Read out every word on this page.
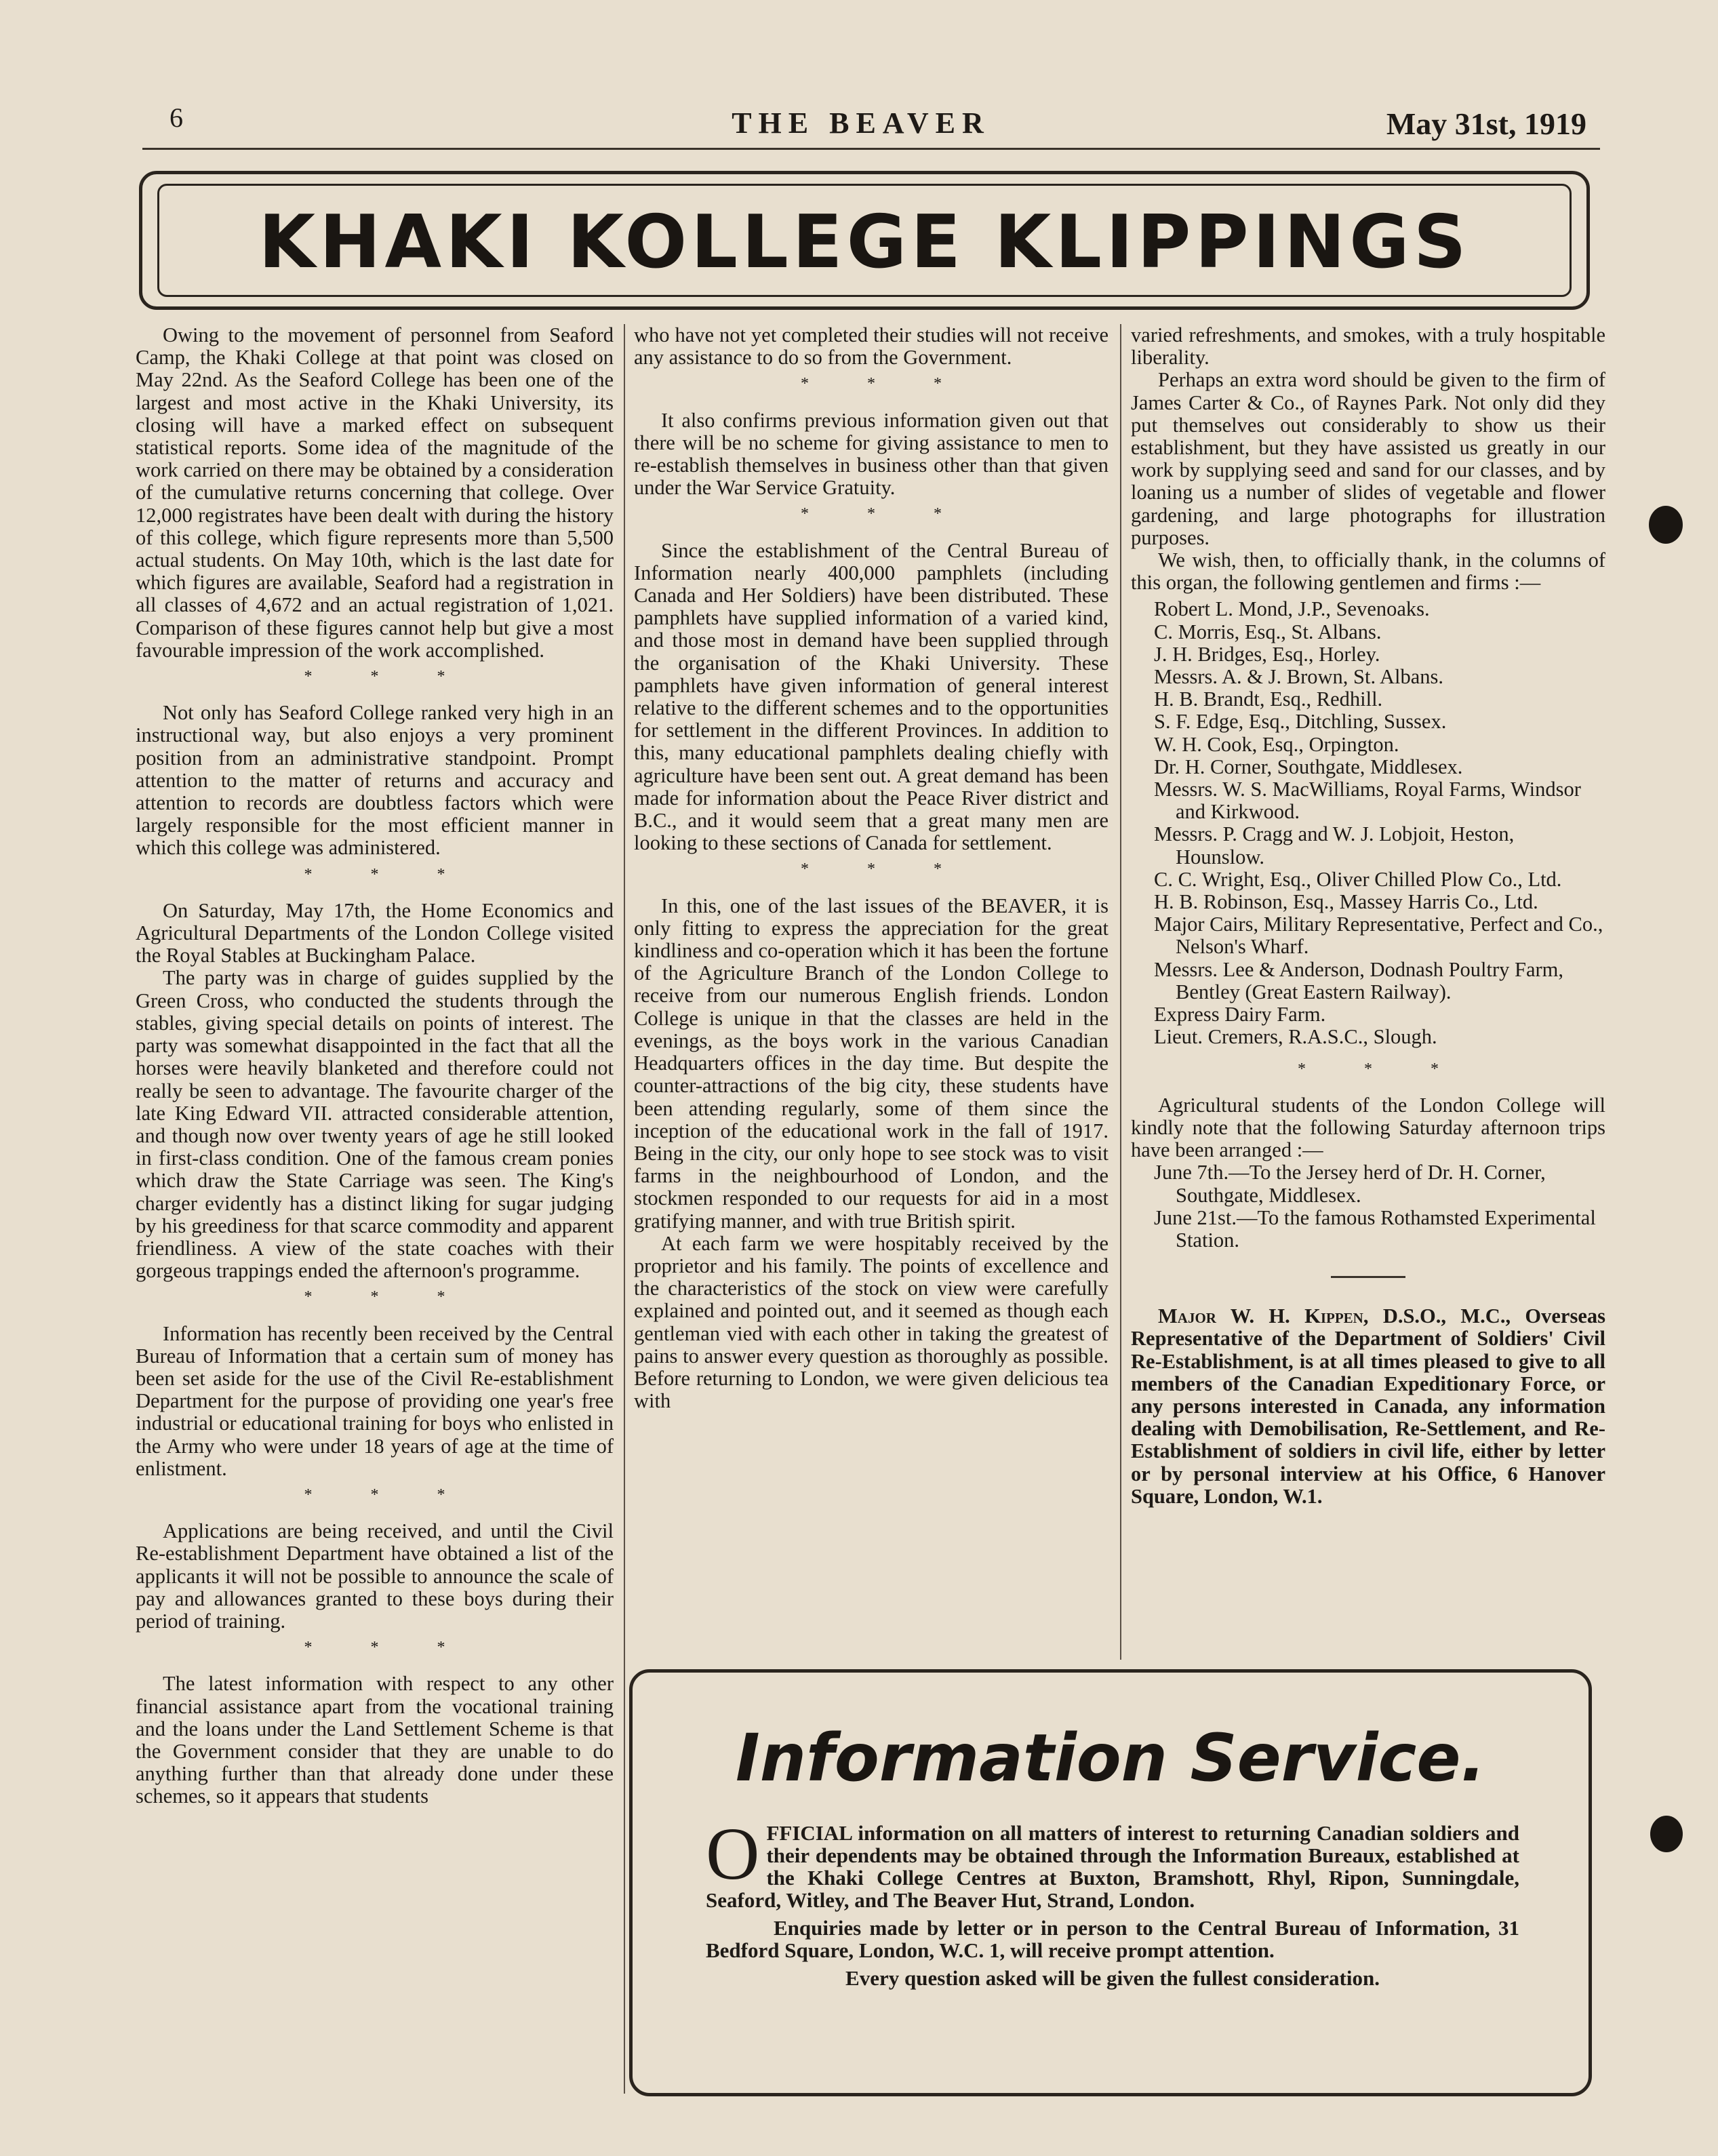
6	THE BEAVER	May 31st, 1919
KHAKI KOLLEGE KLIPPINGS

Owing to the movement of personnel from Seaford Camp, the Khaki College at that point was closed on May 22nd. As the Seaford College has been one of the largest and most active in the Khaki University, its closing will have a marked effect on subsequent statistical reports. Some idea of the magnitude of the work carried on there may be obtained by a consideration of the cumulative returns concerning that college. Over 12,000 registrates have been dealt with during the history of this college, which figure represents more than 5,500 actual students. On May 10th, which is the last date for which figures are available, Seaford had a registration in all classes of 4,672 and an actual registration of 1,021. Comparison of these figures cannot help but give a most favourable impression of the work accomplished.

* * *

Not only has Seaford College ranked very high in an instructional way, but also enjoys a very prominent position from an administrative standpoint. Prompt attention to the matter of returns and accuracy and attention to records are doubtless factors which were largely responsible for the most efficient manner in which this college was administered.

* * *

On Saturday, May 17th, the Home Economics and Agricultural Departments of the London College visited the Royal Stables at Buckingham Palace.

The party was in charge of guides supplied by the Green Cross, who conducted the students through the stables, giving special details on points of interest. The party was somewhat disappointed in the fact that all the horses were heavily blanketed and therefore could not really be seen to advantage. The favourite charger of the late King Edward VII. attracted considerable attention, and though now over twenty years of age he still looked in first-class condition. One of the famous cream ponies which draw the State Carriage was seen. The King's charger evidently has a distinct liking for sugar judging by his greediness for that scarce commodity and apparent friendliness. A view of the state coaches with their gorgeous trappings ended the afternoon's programme.

* * *

Information has recently been received by the Central Bureau of Information that a certain sum of money has been set aside for the use of the Civil Re-establishment Department for the purpose of providing one year's free industrial or educational training for boys who enlisted in the Army who were under 18 years of age at the time of enlistment.

* * *

Applications are being received, and until the Civil Re-establishment Department have obtained a list of the applicants it will not be possible to announce the scale of pay and allowances granted to these boys during their period of training.

* * *

The latest information with respect to any other financial assistance apart from the vocational training and the loans under the Land Settlement Scheme is that the Government consider that they are unable to do anything further than that already done under these schemes, so it appears that students

who have not yet completed their studies will not receive any assistance to do so from the Government.

* * *

It also confirms previous information given out that there will be no scheme for giving assistance to men to re-establish themselves in business other than that given under the War Service Gratuity.

* * *

Since the establishment of the Central Bureau of Information nearly 400,000 pamphlets (including Canada and Her Soldiers) have been distributed. These pamphlets have supplied information of a varied kind, and those most in demand have been supplied through the organisation of the Khaki University. These pamphlets have given information of general interest relative to the different schemes and to the opportunities for settlement in the different Provinces. In addition to this, many educational pamphlets dealing chiefly with agriculture have been sent out. A great demand has been made for information about the Peace River district and B.C., and it would seem that a great many men are looking to these sections of Canada for settlement.

* * *

In this, one of the last issues of the BEAVER, it is only fitting to express the appreciation for the great kindliness and co-operation which it has been the fortune of the Agriculture Branch of the London College to receive from our numerous English friends. London College is unique in that the classes are held in the evenings, as the boys work in the various Canadian Headquarters offices in the day time. But despite the counter-attractions of the big city, these students have been attending regularly, some of them since the inception of the educational work in the fall of 1917. Being in the city, our only hope to see stock was to visit farms in the neighbourhood of London, and the stockmen responded to our requests for aid in a most gratifying manner, and with true British spirit.

At each farm we were hospitably received by the proprietor and his family. The points of excellence and the characteristics of the stock on view were carefully explained and pointed out, and it seemed as though each gentleman vied with each other in taking the greatest of pains to answer every question as thoroughly as possible. Before returning to London, we were given delicious tea with

varied refreshments, and smokes, with a truly hospitable liberality.

Perhaps an extra word should be given to the firm of James Carter & Co., of Raynes Park. Not only did they put themselves out considerably to show us their establishment, but they have assisted us greatly in our work by supplying seed and sand for our classes, and by loaning us a number of slides of vegetable and flower gardening, and large photographs for illustration purposes.

We wish, then, to officially thank, in the columns of this organ, the following gentlemen and firms :—

Robert L. Mond, J.P., Sevenoaks.
C. Morris, Esq., St. Albans.
J. H. Bridges, Esq., Horley.
Messrs. A. & J. Brown, St. Albans.
H. B. Brandt, Esq., Redhill.
S. F. Edge, Esq., Ditchling, Sussex.
W. H. Cook, Esq., Orpington.
Dr. H. Corner, Southgate, Middlesex.
Messrs. W. S. MacWilliams, Royal Farms, Windsor and Kirkwood.
Messrs. P. Cragg and W. J. Lobjoit, Heston, Hounslow.
C. C. Wright, Esq., Oliver Chilled Plow Co., Ltd.
H. B. Robinson, Esq., Massey Harris Co., Ltd.
Major Cairs, Military Representative, Perfect and Co., Nelson's Wharf.
Messrs. Lee & Anderson, Dodnash Poultry Farm, Bentley (Great Eastern Railway).
Express Dairy Farm.
Lieut. Cremers, R.A.S.C., Slough.
* * *

Agricultural students of the London College will kindly note that the following Saturday afternoon trips have been arranged :—

June 7th.—To the Jersey herd of Dr. H. Corner, Southgate, Middlesex.
June 21st.—To the famous Rothamsted Experimental Station.

Major W. H. Kippen, D.S.O., M.C., Overseas Representative of the Department of Soldiers' Civil Re-Establishment, is at all times pleased to give to all members of the Canadian Expeditionary Force, or any persons interested in Canada, any information dealing with Demobilisation, Re-Settlement, and Re-Establishment of soldiers in civil life, either by letter or by personal interview at his Office, 6 Hanover Square, London, W.1.

Information Service.

OFFICIAL information on all matters of interest to returning Canadian soldiers and their dependents may be obtained through the Information Bureaux, established at the Khaki College Centres at Buxton, Bramshott, Rhyl, Ripon, Sunningdale, Seaford, Witley, and The Beaver Hut, Strand, London.

Enquiries made by letter or in person to the Central Bureau of Information, 31 Bedford Square, London, W.C. 1, will receive prompt attention.

Every question asked will be given the fullest consideration.
